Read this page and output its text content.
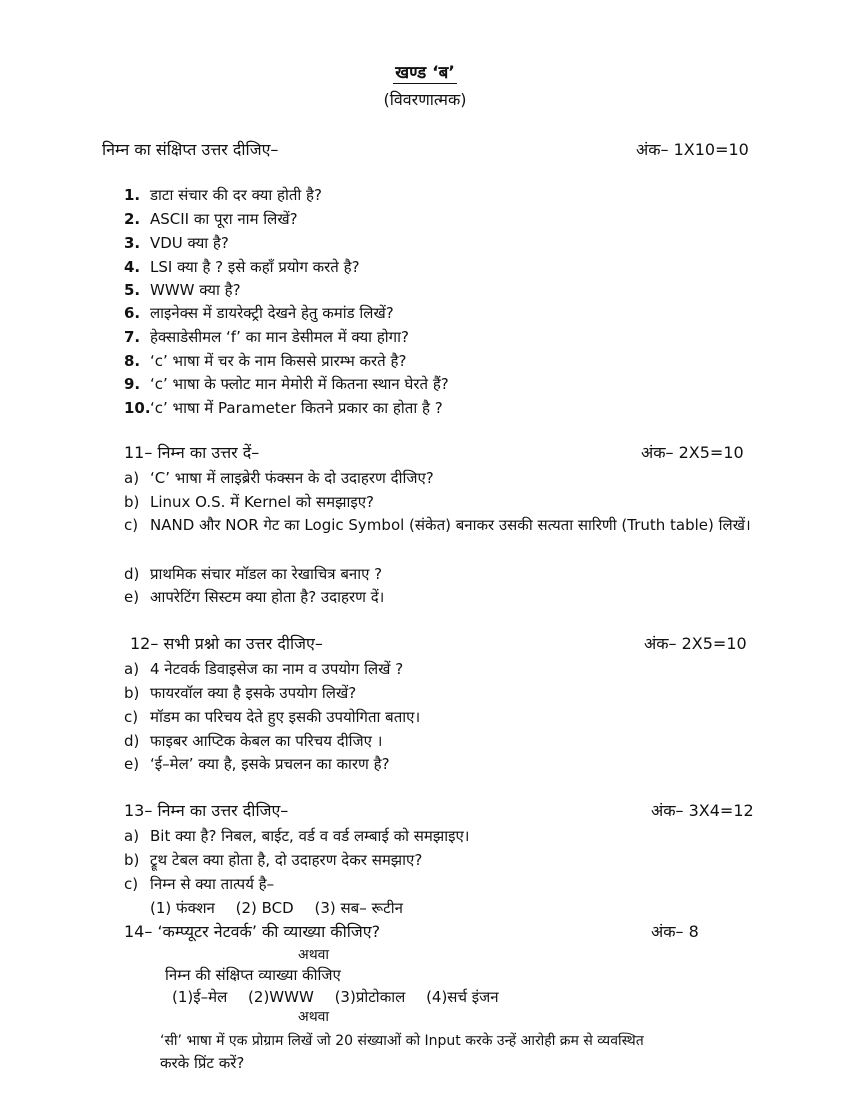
खण्ड ‘ब’
(विवरणात्मक)
निम्न का संक्षिप्त उत्तर दीजिए–	अंक– 1X10=10
1. डाटा संचार की दर क्या होती है?
2. ASCII का पूरा नाम लिखें?
3. VDU क्या है?
4. LSI क्या है ? इसे कहाँ प्रयोग करते है?
5. WWW क्या है?
6. लाइनेक्स में डायरेक्ट्री देखने हेतु कमांड लिखें?
7. हेक्साडेसीमल ‘f’ का मान डेसीमल में क्या होगा?
8. ‘c’ भाषा में चर के नाम किससे प्रारम्भ करते है?
9. ‘c’ भाषा के फ्लोट मान मेमोरी में कितना स्थान घेरते हैं?
10.‘c’ भाषा में Parameter कितने प्रकार का होता है ?
11– निम्न का उत्तर दें–	अंक– 2X5=10
a) ‘C’ भाषा में लाइब्रेरी फंक्सन के दो उदाहरण दीजिए?
b) Linux O.S. में Kernel को समझाइए?
c) NAND और NOR गेट का Logic Symbol (संकेत) बनाकर उसकी सत्यता सारिणी (Truth table) लिखें।
d) प्राथमिक संचार मॉडल का रेखाचित्र बनाए ?
e) आपरेटिंग सिस्टम क्या होता है? उदाहरण दें।
12– सभी प्रश्नो का उत्तर दीजिए–	अंक– 2X5=10
a) 4 नेटवर्क डिवाइसेज का नाम व उपयोग लिखें ?
b) फायरवॉल क्या है इसके उपयोग लिखें?
c) मॉडम का परिचय देते हुए इसकी उपयोगिता बताए।
d) फाइबर आप्टिक केबल का परिचय दीजिए ।
e) ‘ई–मेल’ क्या है, इसके प्रचलन का कारण है?
13– निम्न का उत्तर दीजिए–	अंक– 3X4=12
a) Bit क्या है? निबल, बाईट, वर्ड व वर्ड लम्बाई को समझाइए।
b) ट्रूथ टेबल क्या होता है, दो उदाहरण देकर समझाए?
c) निम्न से क्या तात्पर्य है–
(1) फंक्शन (2) BCD (3) सब– रूटीन
14– ‘कम्प्यूटर नेटवर्क’ की व्याख्या कीजिए?	अंक– 8
अथवा
निम्न की संक्षिप्त व्याख्या कीजिए
(1)ई–मेल (2)WWW (3)प्रोटोकाल (4)सर्च इंजन
अथवा
‘सी’ भाषा में एक प्रोग्राम लिखें जो 20 संख्याओं को Input करके उन्हें आरोही क्रम से व्यवस्थित
करके प्रिंट करें?
